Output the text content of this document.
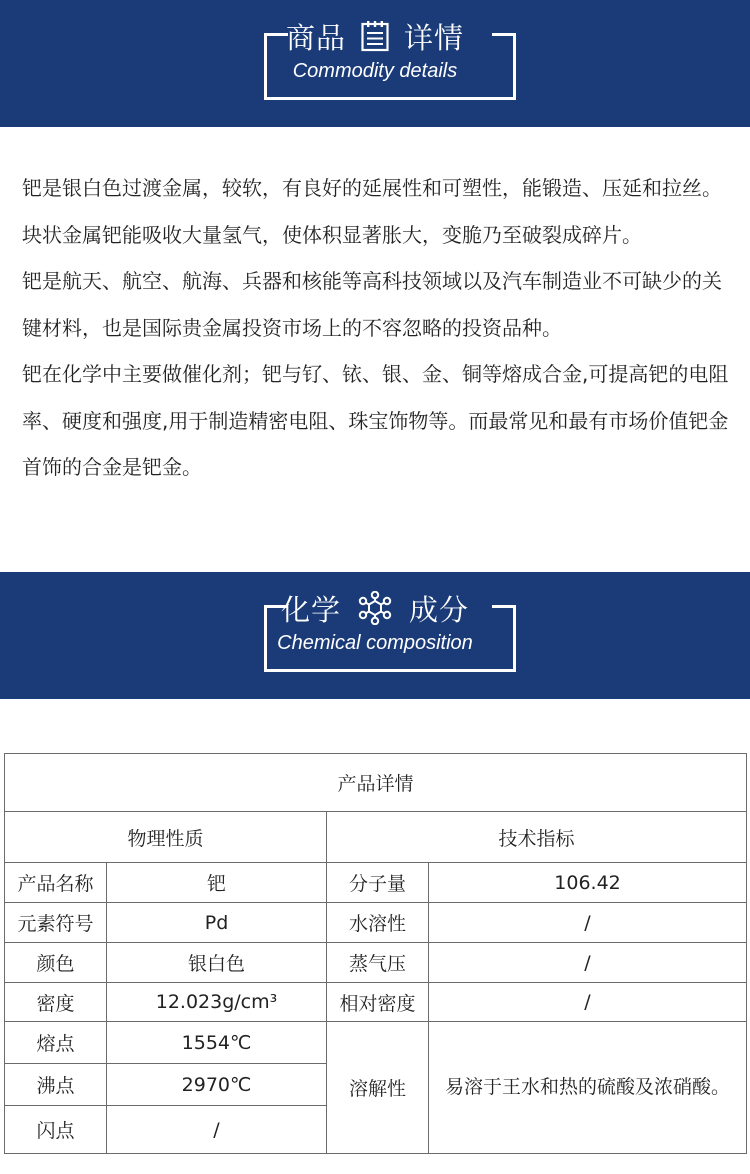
商品 详情
Commodity details

钯是银白色过渡金属，较软，有良好的延展性和可塑性，能锻造、压延和拉丝。块状金属钯能吸收大量氢气，使体积显著胀大，变脆乃至破裂成碎片。

钯是航天、航空、航海、兵器和核能等高科技领域以及汽车制造业不可缺少的关键材料，也是国际贵金属投资市场上的不容忽略的投资品种。

钯在化学中主要做催化剂；钯与钌、铱、银、金、铜等熔成合金,可提高钯的电阻率、硬度和强度,用于制造精密电阻、珠宝饰物等。而最常见和最有市场价值钯金首饰的合金是钯金。

化学 成分
Chemical composition
产品详情			
物理性质		技术指标	
产品名称	钯	分子量	106.42
元素符号	Pd	水溶性	/
颜色	银白色	蒸气压	/
密度	12.023g/cm³	相对密度	/
熔点	1554℃	溶解性	易溶于王水和热的硫酸及浓硝酸。

沸点	2970℃		
闪点	/		
